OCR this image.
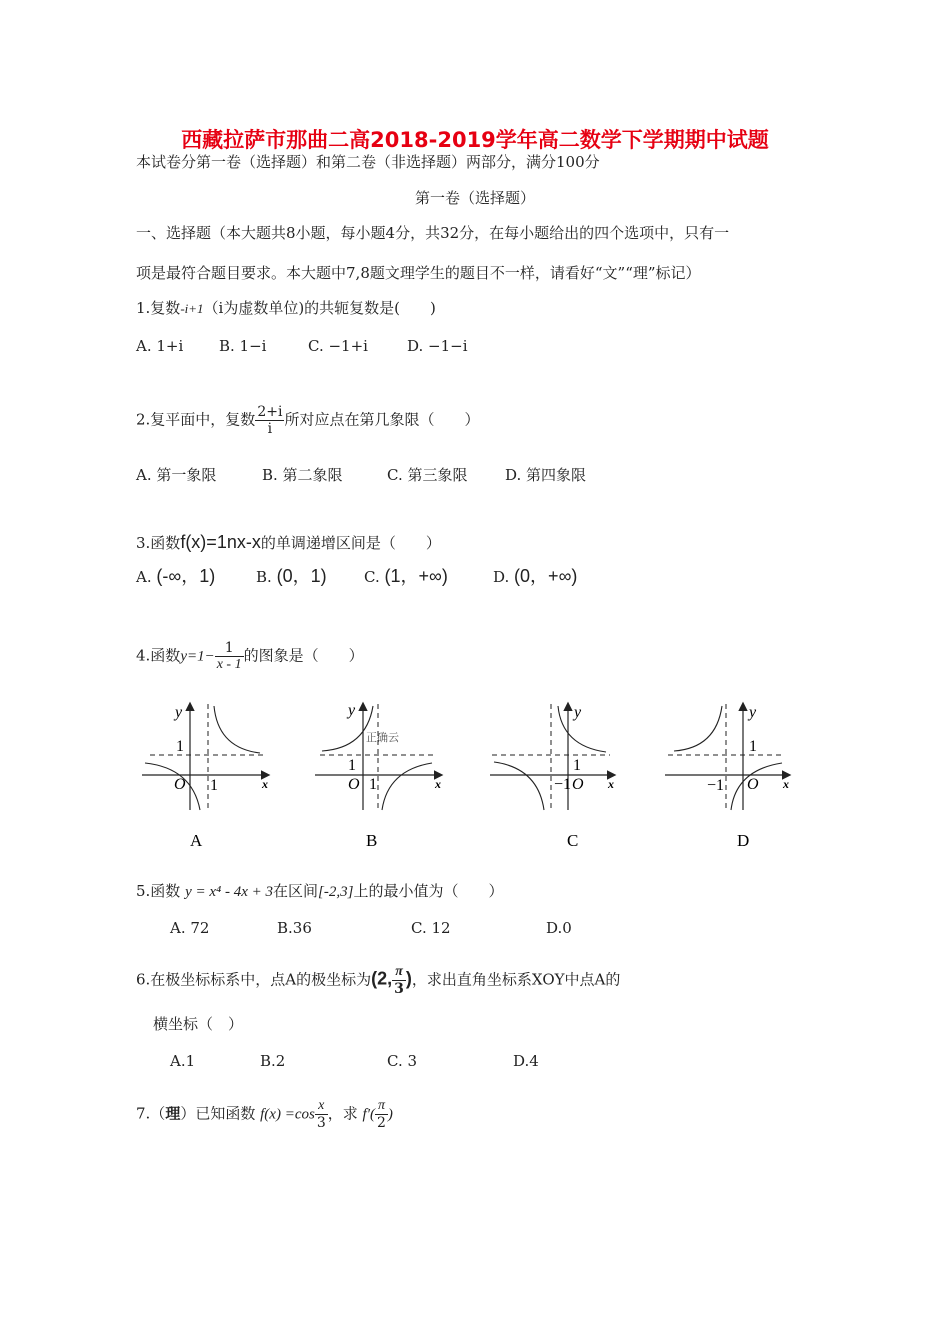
西藏拉萨市那曲二高2018-2019学年高二数学下学期期中试题
本试卷分第一卷（选择题）和第二卷（非选择题）两部分，满分100分
第一卷（选择题）
一、选择题（本大题共8小题，每小题4分，共32分，在每小题给出的四个选项中，只有一
项是最符合题目要求。本大题中7,8题文理学生的题目不一样，请看好“文”“理”标记）
1.复数-i+1（i为虚数单位)的共轭复数是(　　)
A. 1+i B. 1−i	C. −1+i	D. −1−i
2.复平面中，复数 $\frac{2+i}{i}$ 所对应点在第几象限（　　）
A. 第一象限	B. 第二象限	C. 第三象限	D. 第四象限
3.函数f(x)=1nx-x的单调递增区间是（　　）
A. (-∞，1)	B. (0，1) C. (1，+∞)	D. (0，+∞)
4.函数$y=1- \frac{1}{x - 1}$ 的图象是（　　）
y
x
1
O 1
y
x
正确云
1
O 1
y
x
1
−1 O
y
x
1
−1 O
A	B	C	D
5.函数 y = x⁴ - 4x + 3在区间[-2,3]上的最小值为（　　）
A. 72	B.36	C. 12	D.0
6.在极坐标标系中，点A的极坐标为(2, $\frac{\pi}{3}$ )，求出直角坐标系XOY中点A的
横坐标（　）
A.1	B.2	C. 3	D.4
7.（理）已知函数 $f(x) =\cos \frac{x}{3}$ ，求 $f'( \frac{\pi}{2}$ )
